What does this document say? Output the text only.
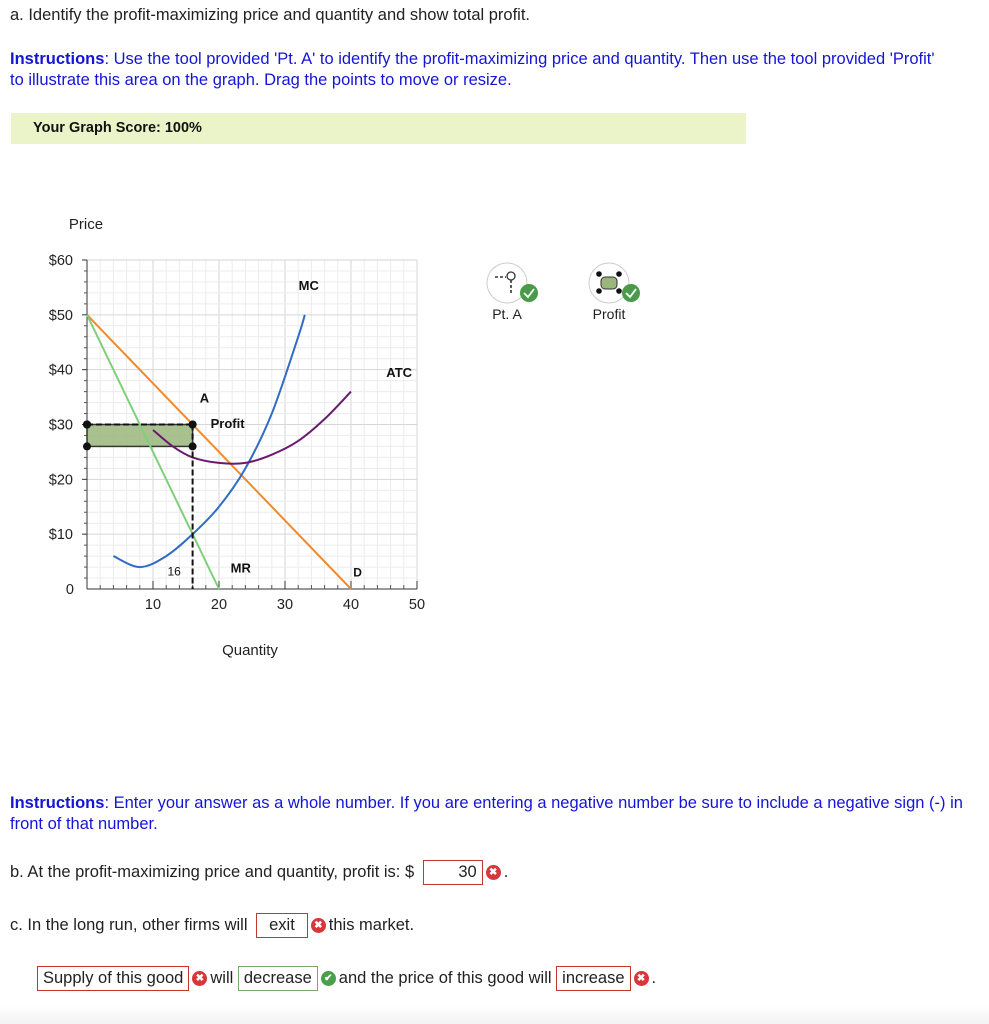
a. Identify the profit-maximizing price and quantity and show total profit.
Instructions: Use the tool provided 'Pt. A' to identify the profit-maximizing price and quantity. Then use the tool provided 'Profit' to illustrate this area on the graph. Drag the points to move or resize.
Your Graph Score: 100%
$60
$50
$40
$30
$20
$10
10	20	30	40	50
0
Price
Quantity
A
Profit
MC
ATC
MR	D
16
Pt. A	Profit
Instructions: Enter your answer as a whole number. If you are entering a negative number be sure to include a negative sign (-) in front of that number.
b. At the profit-maximizing price and quantity, profit is: $	30 ✖ .
c. In the long run, other firms will exit ✖ this market.
Supply of this good ✖ will decrease ✔ and the price of this good will increase ✖ .
